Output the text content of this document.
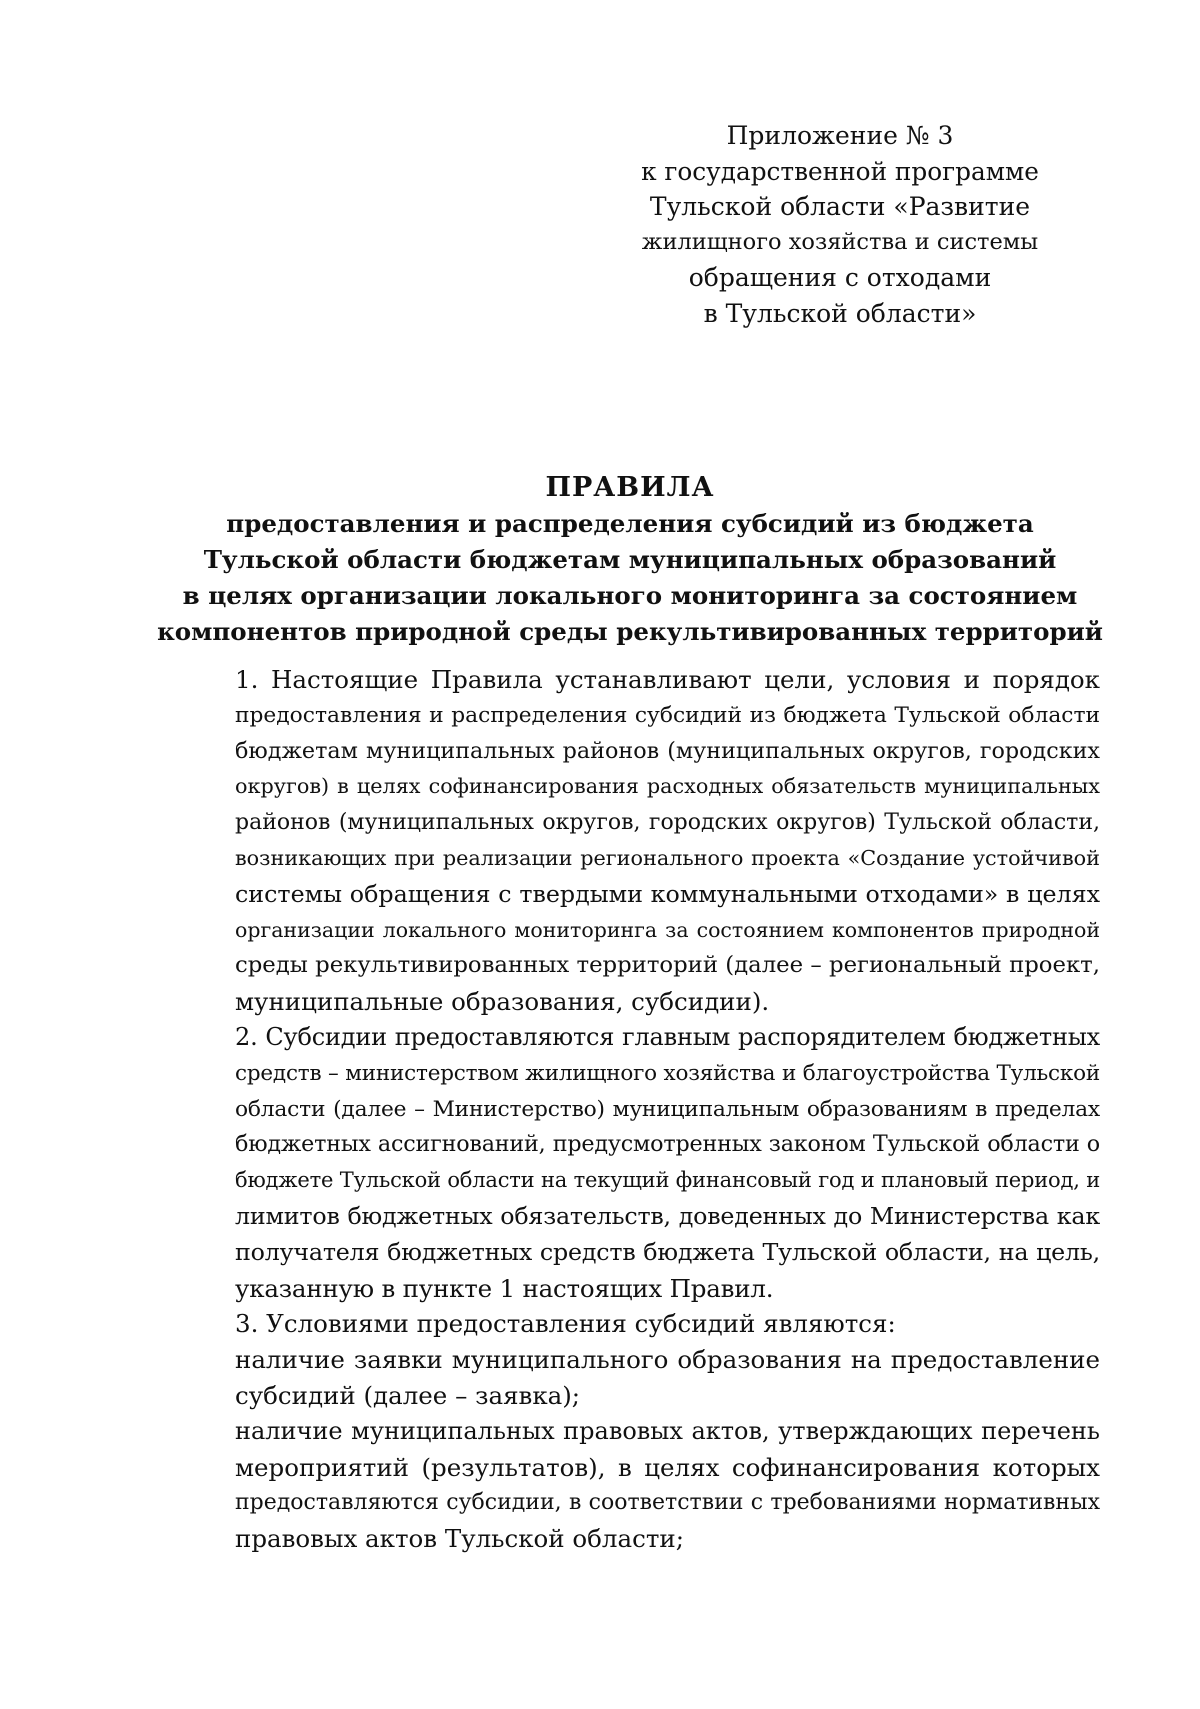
Приложение № 3
к государственной программе
Тульской области «Развитие
жилищного хозяйства и системы
обращения с отходами
в Тульской области»
ПРАВИЛА
предоставления и распределения субсидий из бюджета
Тульской области бюджетам муниципальных образований
в целях организации локального мониторинга за состоянием
компонентов природной среды рекультивированных территорий
1. Настоящие Правила устанавливают цели, условия и порядок
предоставления и распределения субсидий из бюджета Тульской области
бюджетам муниципальных районов (муниципальных округов, городских
округов) в целях софинансирования расходных обязательств муниципальных
районов (муниципальных округов, городских округов) Тульской области,
возникающих при реализации регионального проекта «Создание устойчивой
системы обращения с твердыми коммунальными отходами» в целях
организации локального мониторинга за состоянием компонентов природной
среды рекультивированных территорий (далее – региональный проект,
муниципальные образования, субсидии).
2. Субсидии предоставляются главным распорядителем бюджетных
средств – министерством жилищного хозяйства и благоустройства Тульской
области (далее – Министерство) муниципальным образованиям в пределах
бюджетных ассигнований, предусмотренных законом Тульской области о
бюджете Тульской области на текущий финансовый год и плановый период, и
лимитов бюджетных обязательств, доведенных до Министерства как
получателя бюджетных средств бюджета Тульской области, на цель,
указанную в пункте 1 настоящих Правил.
3. Условиями предоставления субсидий являются:
наличие заявки муниципального образования на предоставление
субсидий (далее – заявка);
наличие муниципальных правовых актов, утверждающих перечень
мероприятий (результатов), в целях софинансирования которых
предоставляются субсидии, в соответствии с требованиями нормативных
правовых актов Тульской области;
